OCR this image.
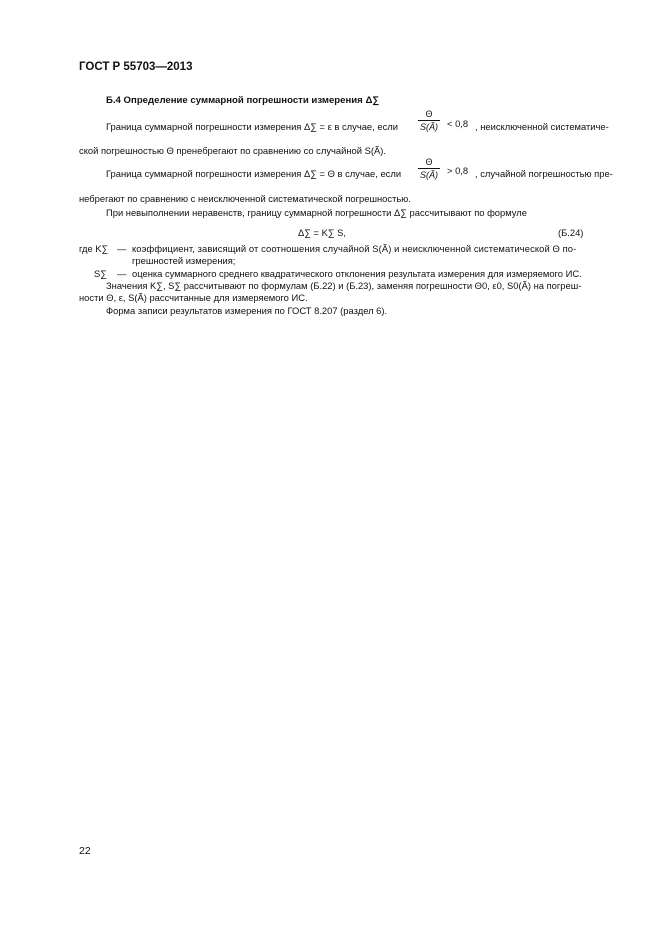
ГОСТ Р 55703—2013
Б.4 Определение суммарной погрешности измерения Δ∑
Граница суммарной погрешности измерения Δ∑ = ε в случае, если
Θ
S(Ã) < 0,8 , неисключенной систематиче-
ской погрешностью Θ пренебрегают по сравнению со случайной S(Ã).
Граница суммарной погрешности измерения Δ∑ = Θ в случае, если
Θ
S(Ã) > 0,8 , случайной погрешностью пре-
небрегают по сравнению с неисключенной систематической погрешностью.
При невыполнении неравенств, границу суммарной погрешности Δ∑ рассчитывают по формуле
Δ∑ = K∑ S,	(Б.24)
где K∑ — коэффициент, зависящий от соотношения случайной S(Ã) и неисключенной систематической Θ по-
грешностей измерения;
S∑ — оценка суммарного среднего квадратического отклонения результата измерения для измеряемого ИС.
Значения K∑, S∑ рассчитывают по формулам (Б.22) и (Б.23), заменяя погрешности Θ0, ε0, S0(Ã) на погреш-
ности Θ, ε, S(Ã) рассчитанные для измеряемого ИС.
Форма записи результатов измерения по ГОСТ 8.207 (раздел 6).
22
